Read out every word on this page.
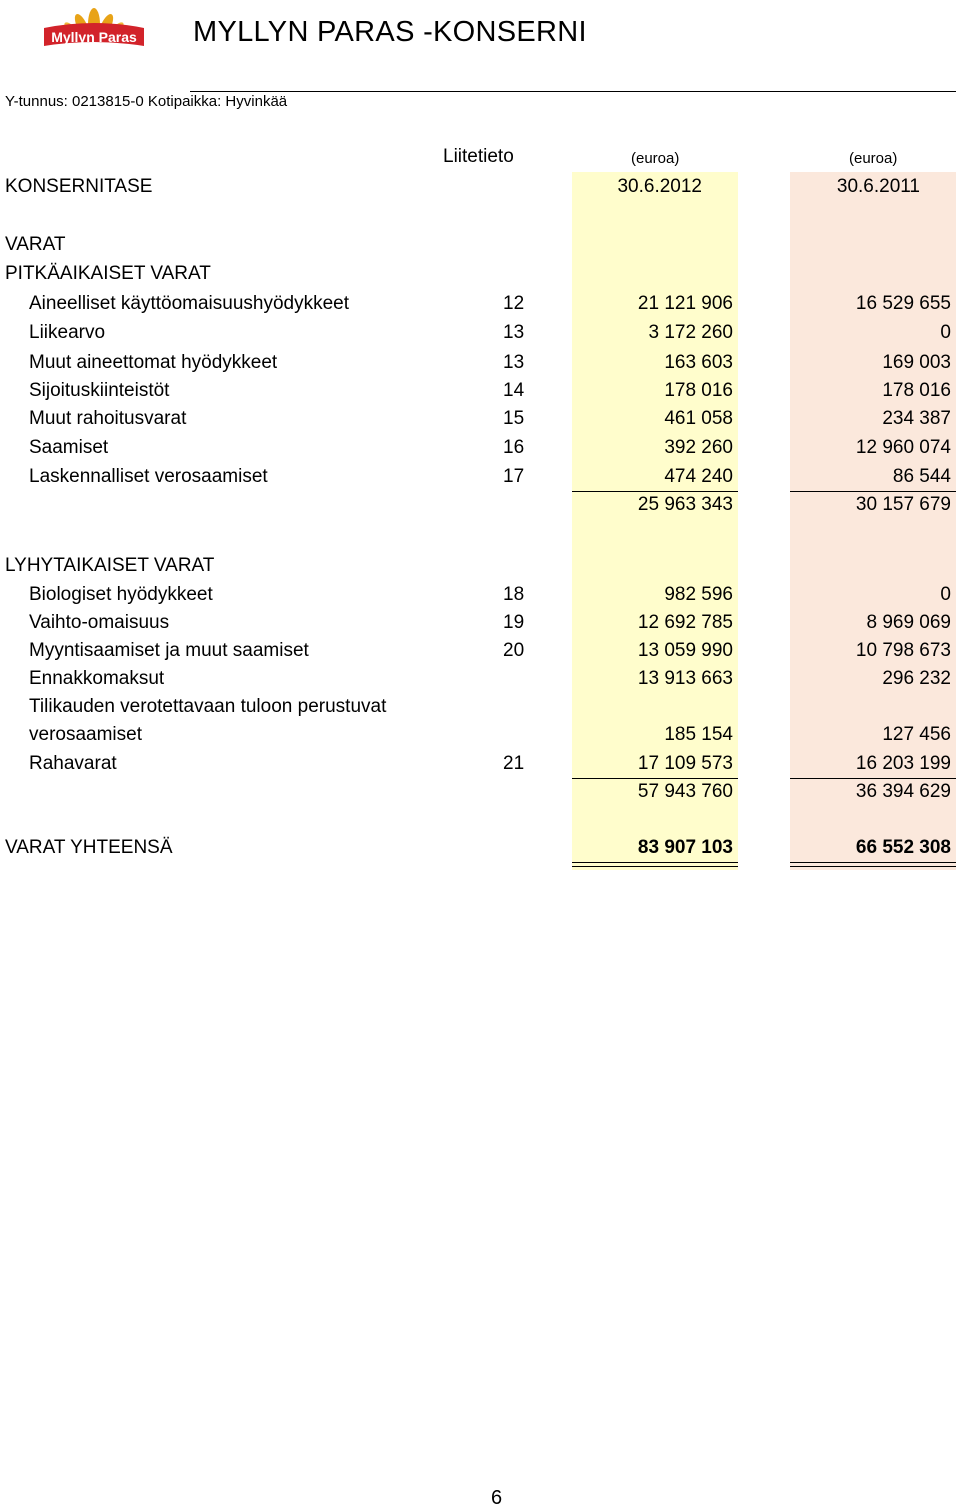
Myllyn Paras MYLLYN PARAS -KONSERNI
Y-tunnus: 0213815-0 Kotipaikka: Hyvinkää
Liitetieto	(euroa)	(euroa)
KONSERNITASE	30.6.2012	30.6.2011
VARAT
PITKÄAIKAISET VARAT
Aineelliset käyttöomaisuushyödykkeet	12	21 121 906	16 529 655
Liikearvo	13	3 172 260	0
Muut aineettomat hyödykkeet	13	163 603	169 003
Sijoituskiinteistöt	14	178 016	178 016
Muut rahoitusvarat	15	461 058	234 387
Saamiset	16	392 260	12 960 074
Laskennalliset verosaamiset	17	474 240	86 544
25 963 343	30 157 679
LYHYTAIKAISET VARAT
Biologiset hyödykkeet	18	982 596	0
Vaihto-omaisuus	19	12 692 785	8 969 069
Myyntisaamiset ja muut saamiset	20	13 059 990	10 798 673
Ennakkomaksut	13 913 663	296 232
Tilikauden verotettavaan tuloon perustuvat
verosaamiset	185 154	127 456
Rahavarat	21	17 109 573	16 203 199
57 943 760	36 394 629
VARAT YHTEENSÄ	83 907 103	66 552 308
6
